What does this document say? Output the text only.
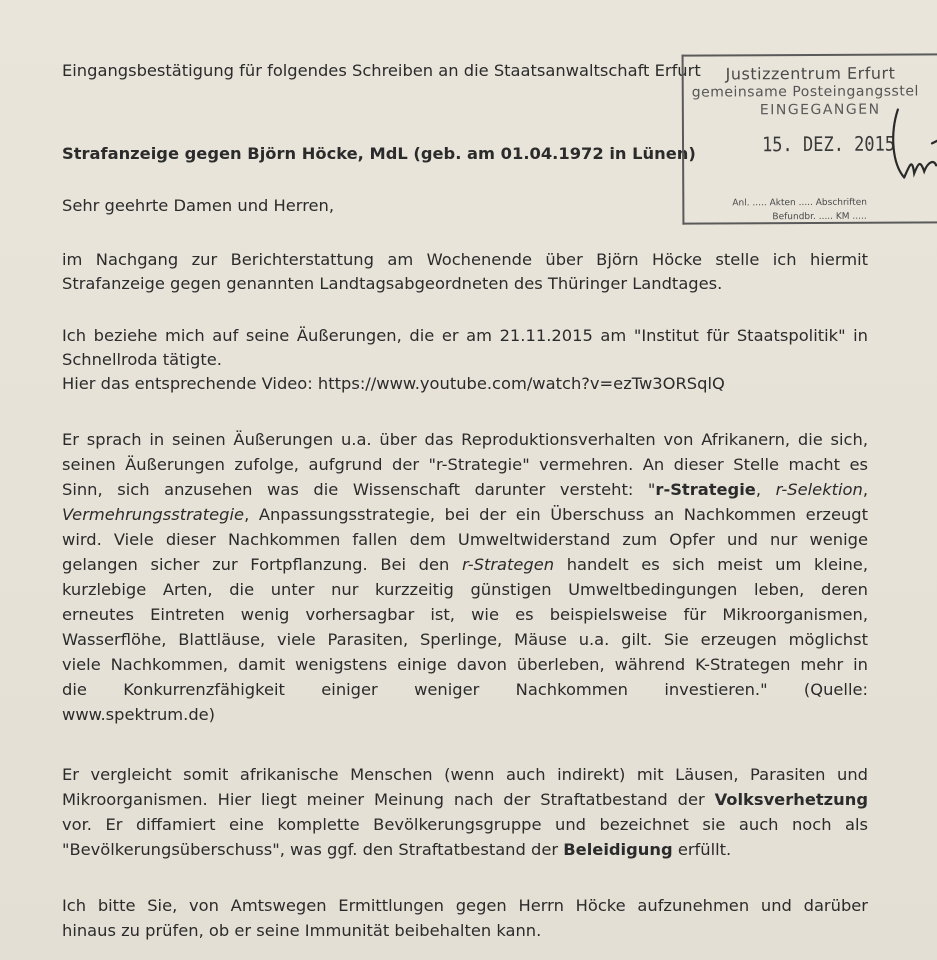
Eingangsbestätigung für folgendes Schreiben an die Staatsanwaltschaft Erfurt
Strafanzeige gegen Björn Höcke, MdL (geb. am 01.04.1972 in Lünen)
Sehr geehrte Damen und Herren,
im Nachgang zur Berichterstattung am Wochenende über Björn Höcke stelle ich hiermit
Strafanzeige gegen genannten Landtagsabgeordneten des Thüringer Landtages.
Ich beziehe mich auf seine Äußerungen, die er am 21.11.2015 am "Institut für Staatspolitik" in
Schnellroda tätigte.
Hier das entsprechende Video: https://www.youtube.com/watch?v=ezTw3ORSqlQ
Er sprach in seinen Äußerungen u.a. über das Reproduktionsverhalten von Afrikanern, die sich,
seinen Äußerungen zufolge, aufgrund der "r-Strategie" vermehren. An dieser Stelle macht es
Sinn, sich anzusehen was die Wissenschaft darunter versteht: "r-Strategie, r-Selektion,
Vermehrungsstrategie, Anpassungsstrategie, bei der ein Überschuss an Nachkommen erzeugt
wird. Viele dieser Nachkommen fallen dem Umweltwiderstand zum Opfer und nur wenige
gelangen sicher zur Fortpflanzung. Bei den r-Strategen handelt es sich meist um kleine,
kurzlebige Arten, die unter nur kurzzeitig günstigen Umweltbedingungen leben, deren
erneutes Eintreten wenig vorhersagbar ist, wie es beispielsweise für Mikroorganismen,
Wasserflöhe, Blattläuse, viele Parasiten, Sperlinge, Mäuse u.a. gilt. Sie erzeugen möglichst
viele Nachkommen, damit wenigstens einige davon überleben, während K-Strategen mehr in
die Konkurrenzfähigkeit einiger weniger Nachkommen investieren." (Quelle:
www.spektrum.de)
Er vergleicht somit afrikanische Menschen (wenn auch indirekt) mit Läusen, Parasiten und
Mikroorganismen. Hier liegt meiner Meinung nach der Straftatbestand der Volksverhetzung
vor. Er diffamiert eine komplette Bevölkerungsgruppe und bezeichnet sie auch noch als
"Bevölkerungsüberschuss", was ggf. den Straftatbestand der Beleidigung erfüllt.
Ich bitte Sie, von Amtswegen Ermittlungen gegen Herrn Höcke aufzunehmen und darüber
hinaus zu prüfen, ob er seine Immunität beibehalten kann.
Justizzentrum Erfurt
gemeinsame Posteingangsstel
EINGEGANGEN
15. DEZ. 2015
Anl. ..... Akten ..... Abschriften
Befundbr. ..... KM .....
